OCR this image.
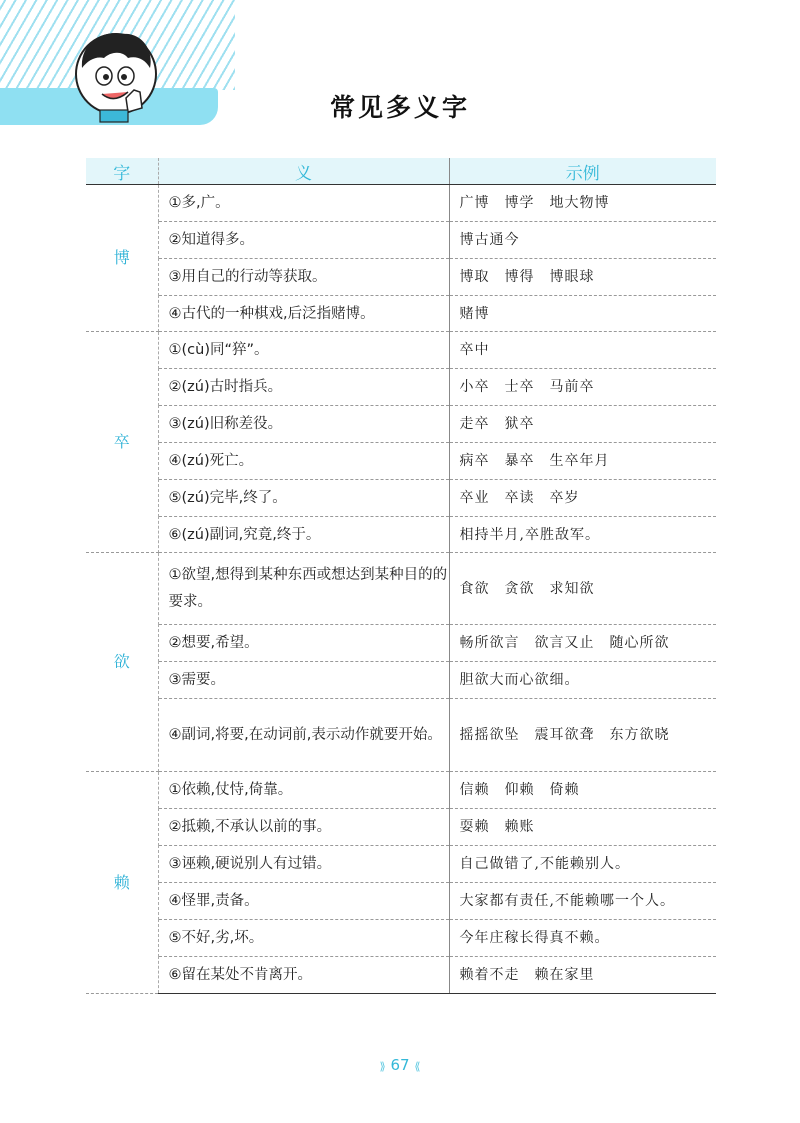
常见多义字
字	义	示例
博	①多,广。	广博　博学　地大物博
	②知道得多。	博古通今
	③用自己的行动等获取。	博取　博得　博眼球
	④古代的一种棋戏,后泛指赌博。	赌博
卒	①(cù)同“猝”。	卒中
	②(zú)古时指兵。	小卒　士卒　马前卒
	③(zú)旧称差役。	走卒　狱卒
	④(zú)死亡。	病卒　暴卒　生卒年月
	⑤(zú)完毕,终了。	卒业　卒读　卒岁
	⑥(zú)副词,究竟,终于。	相持半月,卒胜敌军。
欲	①欲望,想得到某种东西或想达到某种目的的要求。	食欲　贪欲　求知欲
	②想要,希望。	畅所欲言　欲言又止　随心所欲
	③需要。	胆欲大而心欲细。
	④副词,将要,在动词前,表示动作就要开始。	摇摇欲坠　震耳欲聋　东方欲晓
赖	①依赖,仗恃,倚靠。	信赖　仰赖　倚赖
	②抵赖,不承认以前的事。	耍赖　赖账
	③诬赖,硬说别人有过错。	自己做错了,不能赖别人。
	④怪罪,责备。	大家都有责任,不能赖哪一个人。
	⑤不好,劣,坏。	今年庄稼长得真不赖。
	⑥留在某处不肯离开。	赖着不走　赖在家里
⟫ 67 ⟪
